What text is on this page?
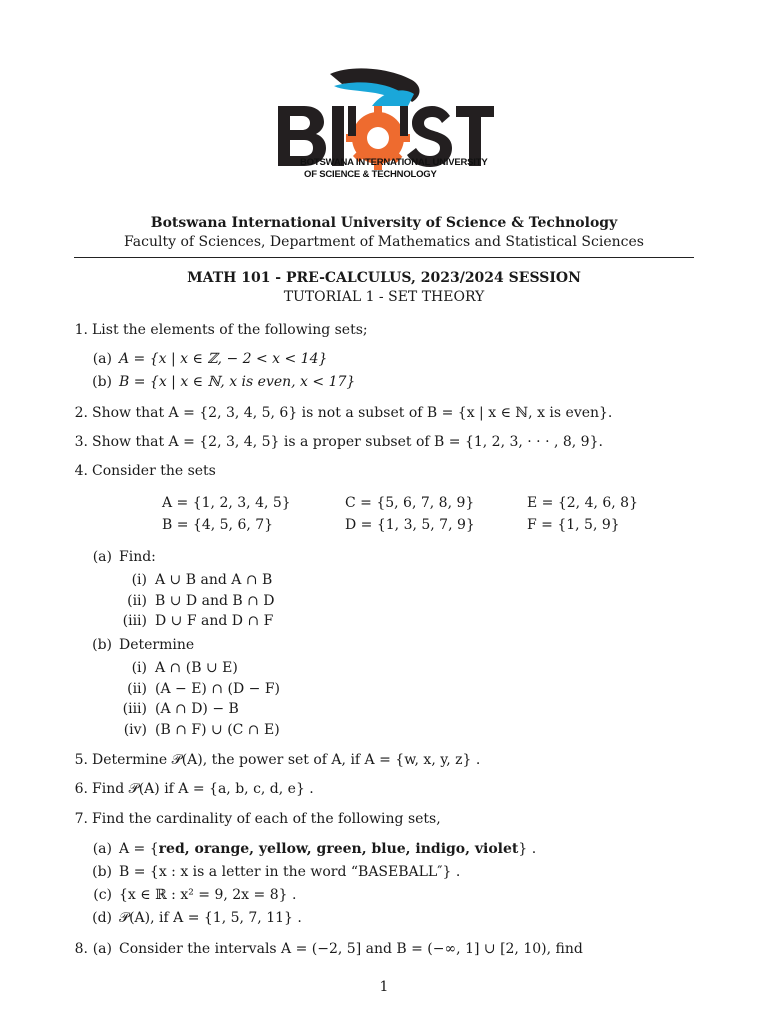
BOTSWANA INTERNATIONAL UNIVERSITY
OF SCIENCE & TECHNOLOGY
Botswana International University of Science & Technology
Faculty of Sciences, Department of Mathematics and Statistical Sciences
MATH 101 - PRE-CALCULUS, 2023/2024 SESSION
TUTORIAL 1 - SET THEORY
1. List the elements of the following sets;
(a) A = {x | x ∈ ℤ, − 2 < x < 14}
(b) B = {x | x ∈ ℕ, x is even, x < 17}
2. Show that A = {2, 3, 4, 5, 6} is not a subset of B = {x | x ∈ ℕ, x is even}.
3. Show that A = {2, 3, 4, 5} is a proper subset of B = {1, 2, 3, · · · , 8, 9}.
4. Consider the sets
A = {1, 2, 3, 4, 5}
B = {4, 5, 6, 7}
C = {5, 6, 7, 8, 9}
D = {1, 3, 5, 7, 9}
E = {2, 4, 6, 8}
F = {1, 5, 9}
(a) Find:
(i) A ∪ B and A ∩ B
(ii) B ∪ D and B ∩ D
(iii) D ∪ F and D ∩ F
(b) Determine
(i) A ∩ (B ∪ E)
(ii) (A − E) ∩ (D − F)
(iii) (A ∩ D) − B
(iv) (B ∩ F) ∪ (C ∩ E)
5. Determine 𝒫(A), the power set of A, if A = {w, x, y, z} .
6. Find 𝒫(A) if A = {a, b, c, d, e} .
7. Find the cardinality of each of the following sets,
(a) A = {red, orange, yellow, green, blue, indigo, violet} .
(b) B = {x : x is a letter in the word “BASEBALL″} .
(c) {x ∈ ℝ : x² = 9, 2x = 8} .
(d) 𝒫(A), if A = {1, 5, 7, 11} .
8. (a) Consider the intervals A = (−2, 5] and B = (−∞, 1] ∪ [2, 10), find
1
